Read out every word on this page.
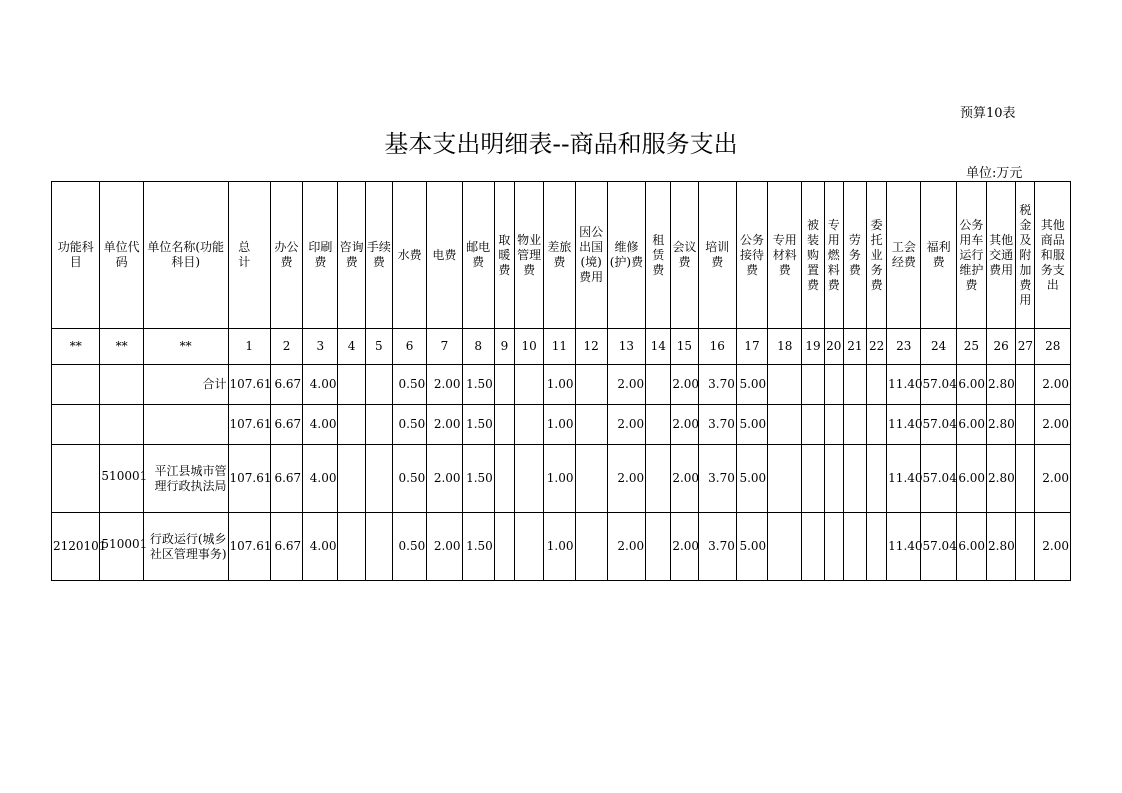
预算10表
基本支出明细表--商品和服务支出
单位:万元
功能科目	单位代码	单位名称(功能科目)	总 计	办公费	印刷费	咨询费	手续费	水费	电费	邮电费	取暖费	物业管理费	差旅费	因公出国(境)费用	维修(护)费	租赁费	会议费	培训费	公务接待费	专用材料费	被装购置费	专用燃料费	劳务费	委托业务费	工会经费	福利费	公务用车运行维护费	其他交通费用	税金及附加费用	其他商品和服务支出
**	**	**	1	2	3	4	5	6	7	8	9	10	11	12	13	14	15	16	17	18	19	20	21	22	23	24	25	26	27	28
		合计	107.61	6.67	4.00			0.50	2.00	1.50			1.00		2.00		2.00	3.70	5.00						11.40	57.04	6.00	2.80		2.00
			107.61	6.67	4.00			0.50	2.00	1.50			1.00		2.00		2.00	3.70	5.00						11.40	57.04	6.00	2.80		2.00
	510001	平江县城市管理行政执法局	107.61	6.67	4.00			0.50	2.00	1.50			1.00		2.00		2.00	3.70	5.00						11.40	57.04	6.00	2.80		2.00
2120101	510001	行政运行(城乡社区管理事务)	107.61	6.67	4.00			0.50	2.00	1.50			1.00		2.00		2.00	3.70	5.00						11.40	57.04	6.00	2.80		2.00
